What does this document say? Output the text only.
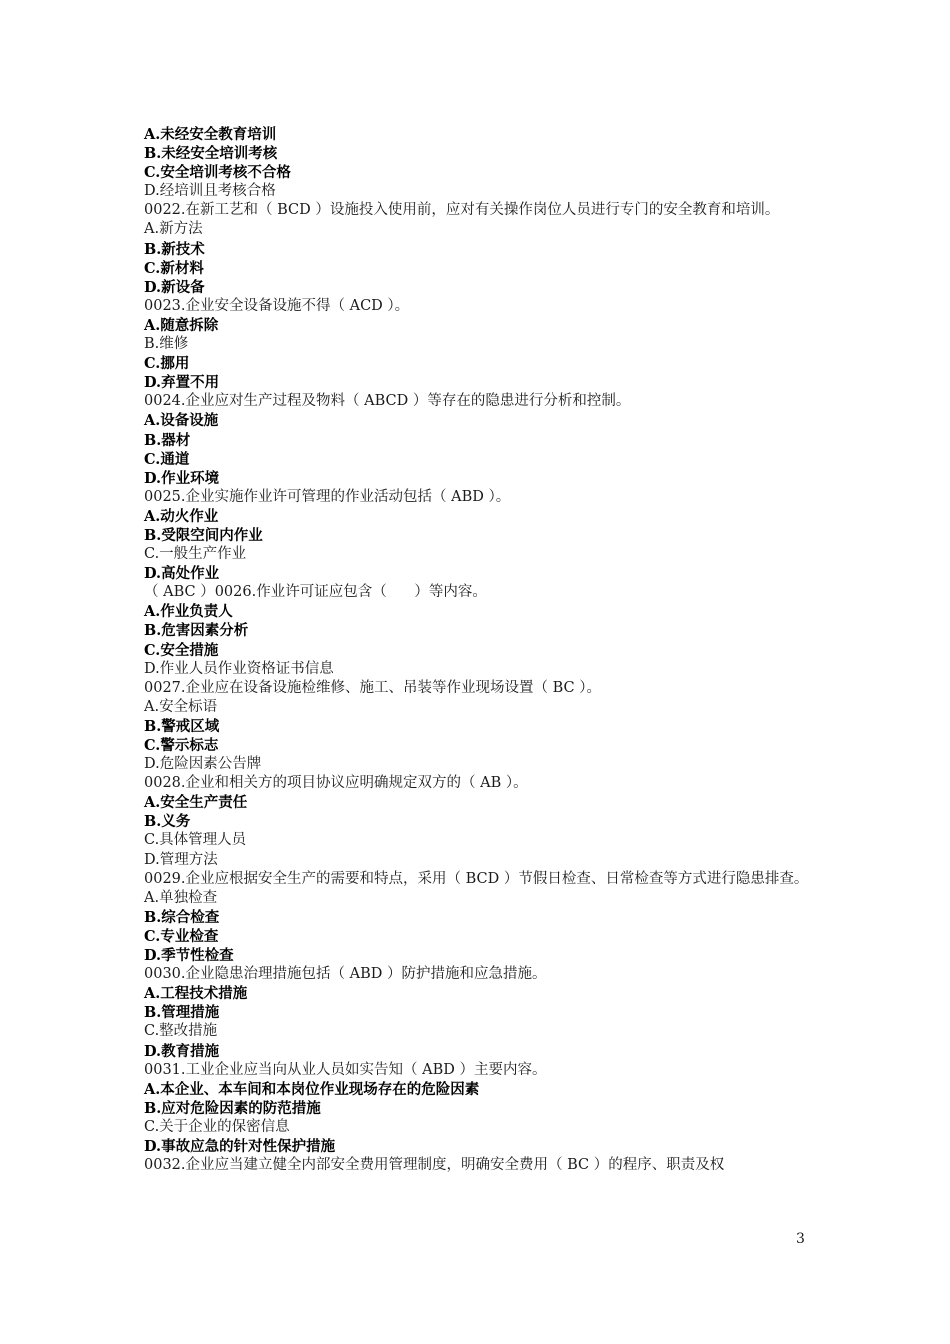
A.未经安全教育培训
B.未经安全培训考核
C.安全培训考核不合格
D.经培训且考核合格
0022.在新工艺和（ BCD ）设施投入使用前，应对有关操作岗位人员进行专门的安全教育和培训。
A.新方法
B.新技术
C.新材料
D.新设备
0023.企业安全设备设施不得（ ACD ）。
A.随意拆除
B.维修
C.挪用
D.弃置不用
0024.企业应对生产过程及物料（ ABCD ）等存在的隐患进行分析和控制。
A.设备设施
B.器材
C.通道
D.作业环境
0025.企业实施作业许可管理的作业活动包括（ ABD ）。
A.动火作业
B.受限空间内作业
C.一般生产作业
D.高处作业
（ ABC ）0026.作业许可证应包含（      ）等内容。
A.作业负责人
B.危害因素分析
C.安全措施
D.作业人员作业资格证书信息
0027.企业应在设备设施检维修、施工、吊装等作业现场设置（ BC ）。
A.安全标语
B.警戒区域
C.警示标志
D.危险因素公告牌
0028.企业和相关方的项目协议应明确规定双方的（ AB ）。
A.安全生产责任
B.义务
C.具体管理人员
D.管理方法
0029.企业应根据安全生产的需要和特点，采用（ BCD ）节假日检查、日常检查等方式进行隐患排查。
A.单独检查
B.综合检查
C.专业检查
D.季节性检查
0030.企业隐患治理措施包括（ ABD ）防护措施和应急措施。
A.工程技术措施
B.管理措施
C.整改措施
D.教育措施
0031.工业企业应当向从业人员如实告知（ ABD ）主要内容。
A.本企业、本车间和本岗位作业现场存在的危险因素
B.应对危险因素的防范措施
C.关于企业的保密信息
D.事故应急的针对性保护措施
0032.企业应当建立健全内部安全费用管理制度，明确安全费用（ BC ）的程序、职责及权
3
